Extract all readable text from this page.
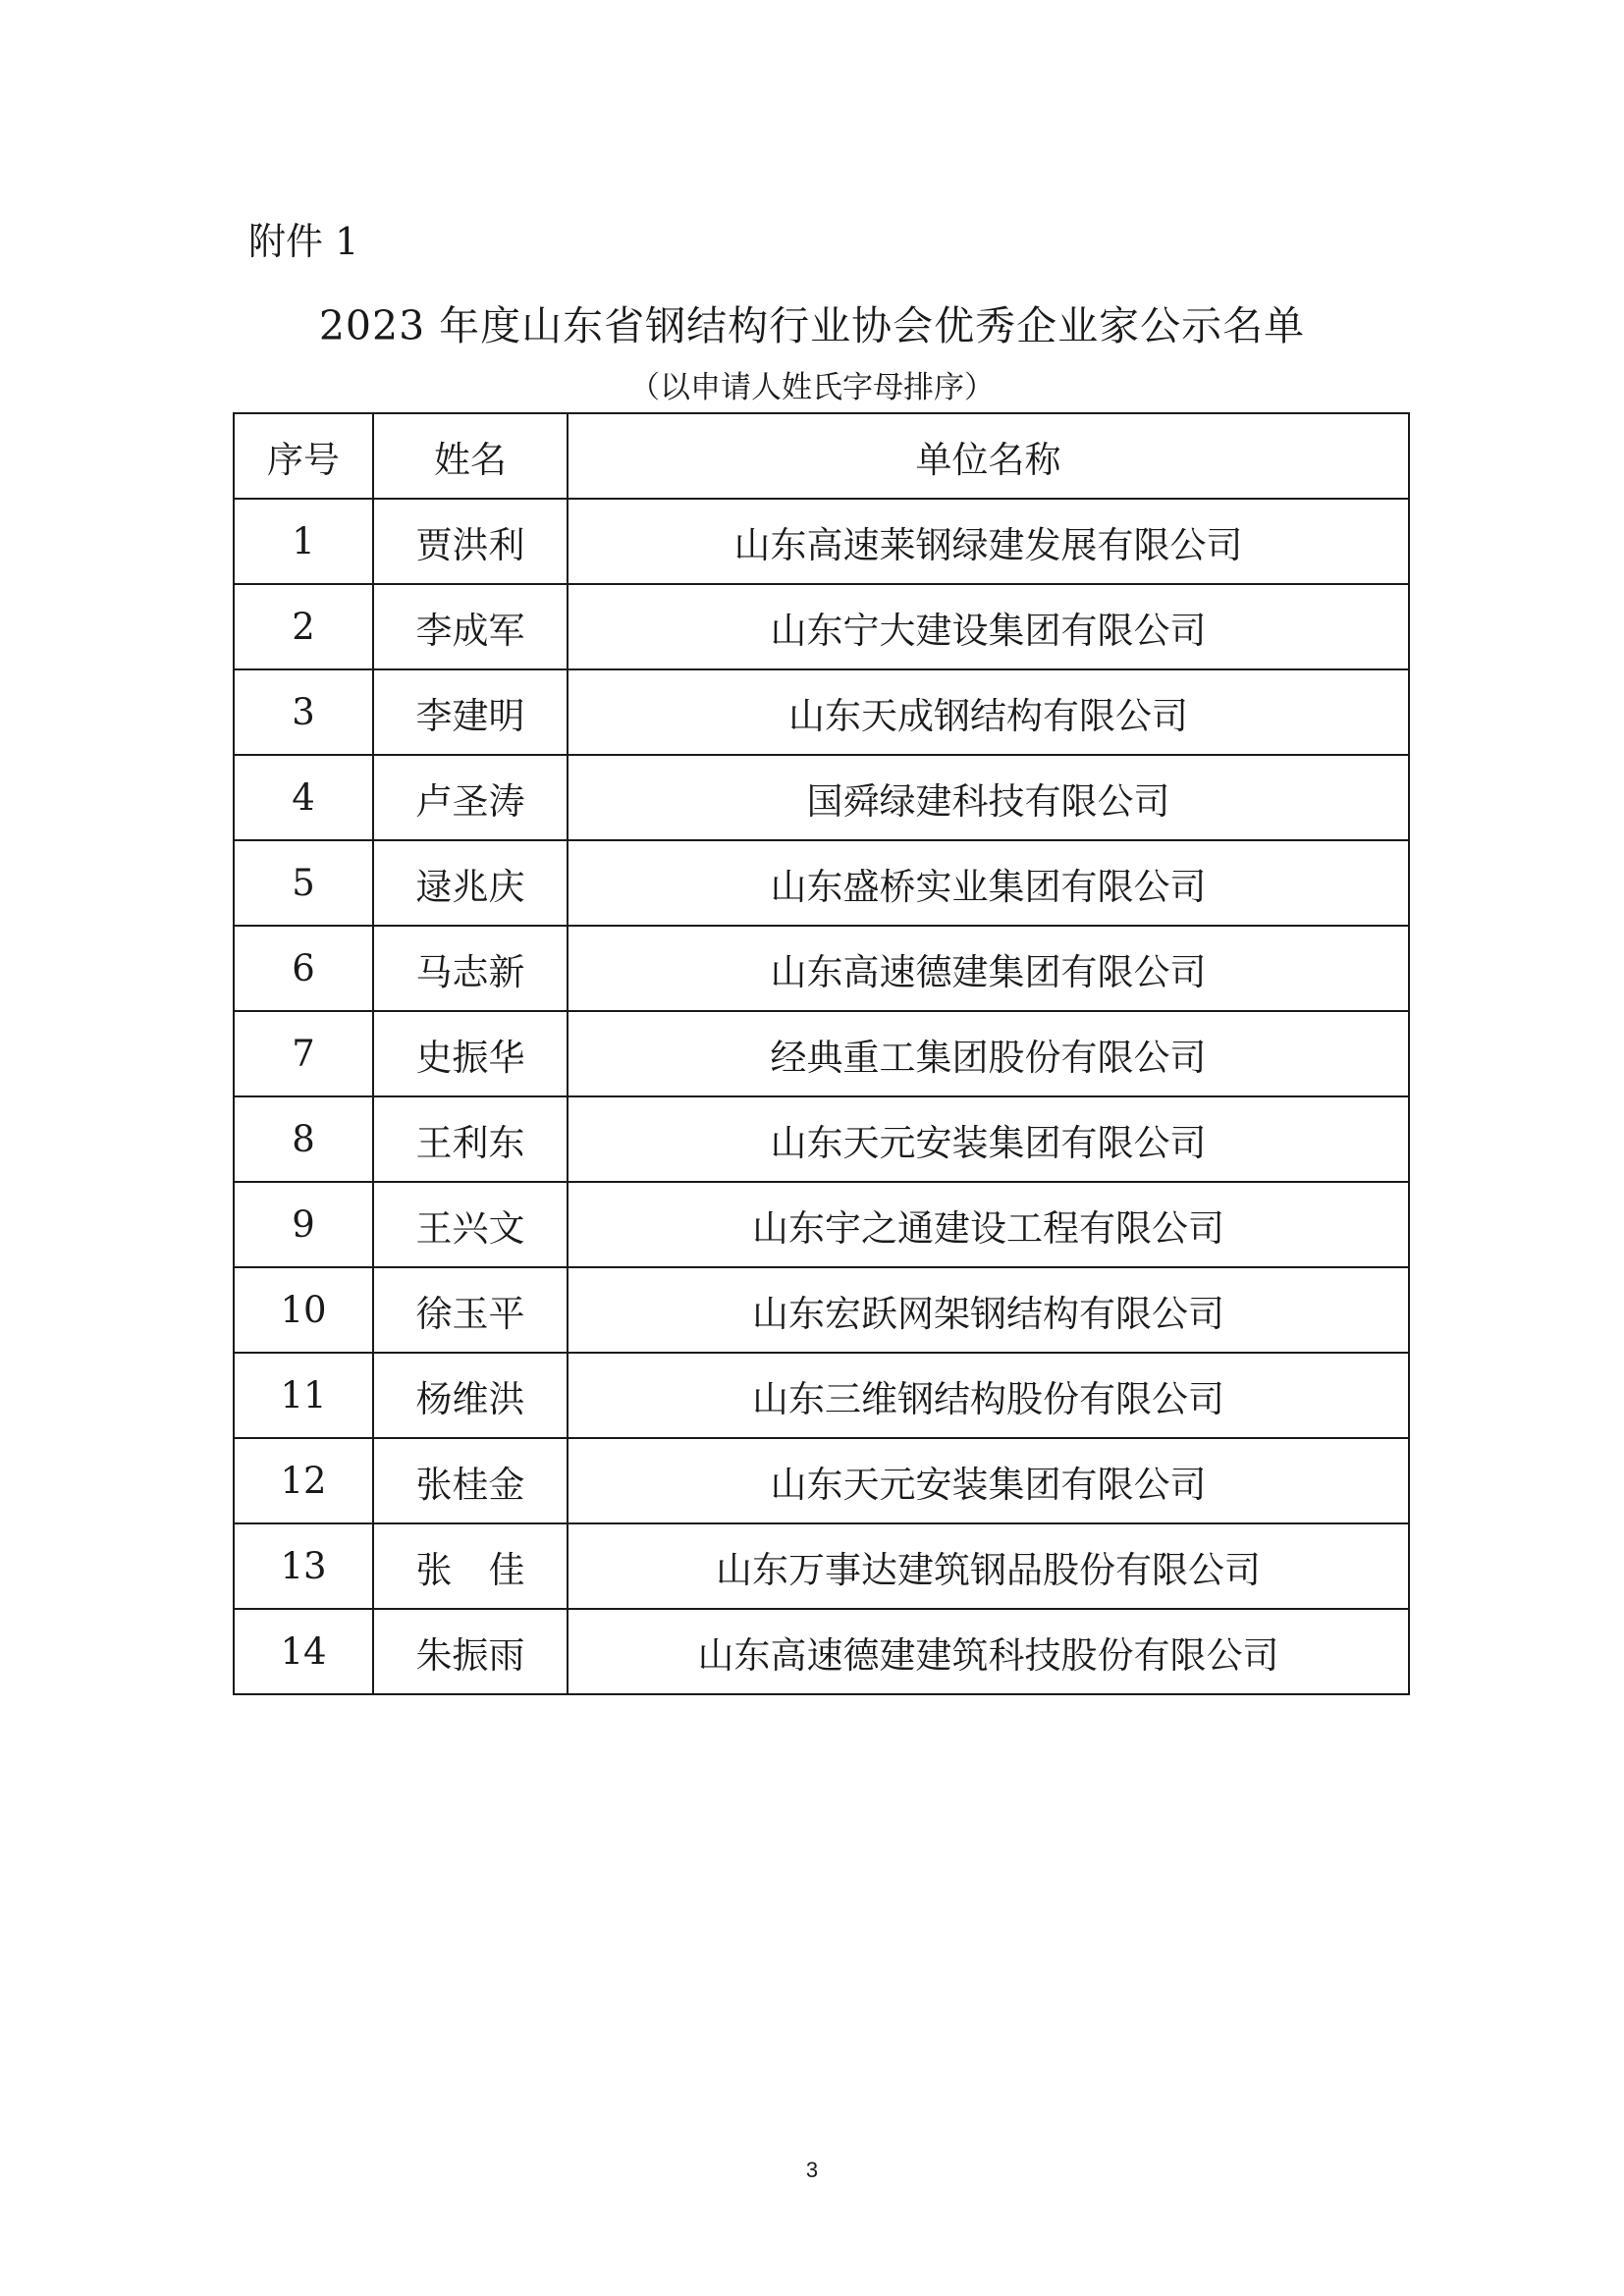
附件 1

2023 年度山东省钢结构行业协会优秀企业家公示名单

（以申请人姓氏字母排序）

序号	姓名	单位名称
1	贾洪利	山东高速莱钢绿建发展有限公司
2	李成军	山东宁大建设集团有限公司
3	李建明	山东天成钢结构有限公司
4	卢圣涛	国舜绿建科技有限公司
5	逯兆庆	山东盛桥实业集团有限公司
6	马志新	山东高速德建集团有限公司
7	史振华	经典重工集团股份有限公司
8	王利东	山东天元安装集团有限公司
9	王兴文	山东宇之通建设工程有限公司
10	徐玉平	山东宏跃网架钢结构有限公司
11	杨维洪	山东三维钢结构股份有限公司
12	张桂金	山东天元安装集团有限公司
13	张　佳	山东万事达建筑钢品股份有限公司
14	朱振雨	山东高速德建建筑科技股份有限公司

3
